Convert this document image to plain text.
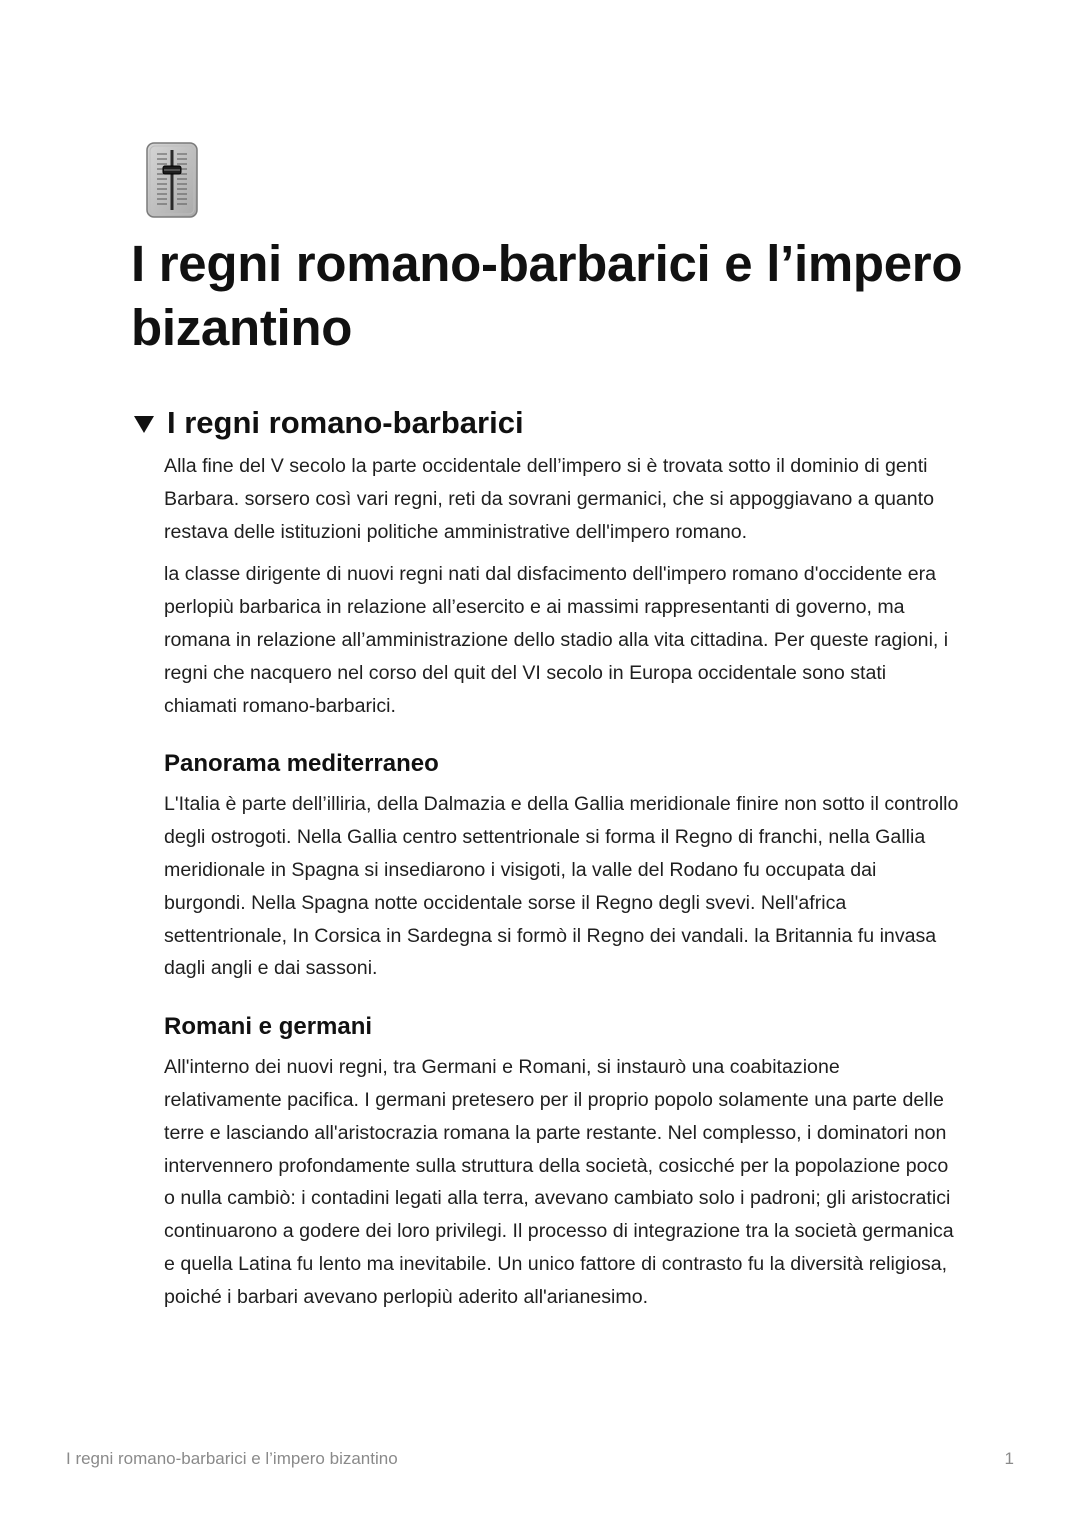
I regni romano-barbarici e l’impero bizantino
I regni romano-barbarici

Alla fine del V secolo la parte occidentale dell’impero si è trovata sotto il dominio di genti Barbara. sorsero così vari regni, reti da sovrani germanici, che si appoggiavano a quanto restava delle istituzioni politiche amministrative dell'impero romano.

la classe dirigente di nuovi regni nati dal disfacimento dell'impero romano d'occidente era perlopiù barbarica in relazione all’esercito e ai massimi rappresentanti di governo, ma romana in relazione all’amministrazione dello stadio alla vita cittadina. Per queste ragioni, i regni che nacquero nel corso del quit del VI secolo in Europa occidentale sono stati chiamati romano-barbarici.

Panorama mediterraneo

L'Italia è parte dell’illiria, della Dalmazia e della Gallia meridionale finire non sotto il controllo degli ostrogoti. Nella Gallia centro settentrionale si forma il Regno di franchi, nella Gallia meridionale in Spagna si insediarono i visigoti, la valle del Rodano fu occupata dai burgondi. Nella Spagna notte occidentale sorse il Regno degli svevi. Nell'africa settentrionale, In Corsica in Sardegna si formò il Regno dei vandali. la Britannia fu invasa dagli angli e dai sassoni.

Romani e germani

All'interno dei nuovi regni, tra Germani e Romani, si instaurò una coabitazione relativamente pacifica. I germani pretesero per il proprio popolo solamente una parte delle terre e lasciando all'aristocrazia romana la parte restante. Nel complesso, i dominatori non intervennero profondamente sulla struttura della società, cosicché per la popolazione poco o nulla cambiò: i contadini legati alla terra, avevano cambiato solo i padroni; gli aristocratici continuarono a godere dei loro privilegi. Il processo di integrazione tra la società germanica e quella Latina fu lento ma inevitabile. Un unico fattore di contrasto fu la diversità religiosa, poiché i barbari avevano perlopiù aderito all'arianesimo.

I regni romano-barbarici e l’impero bizantino	1
